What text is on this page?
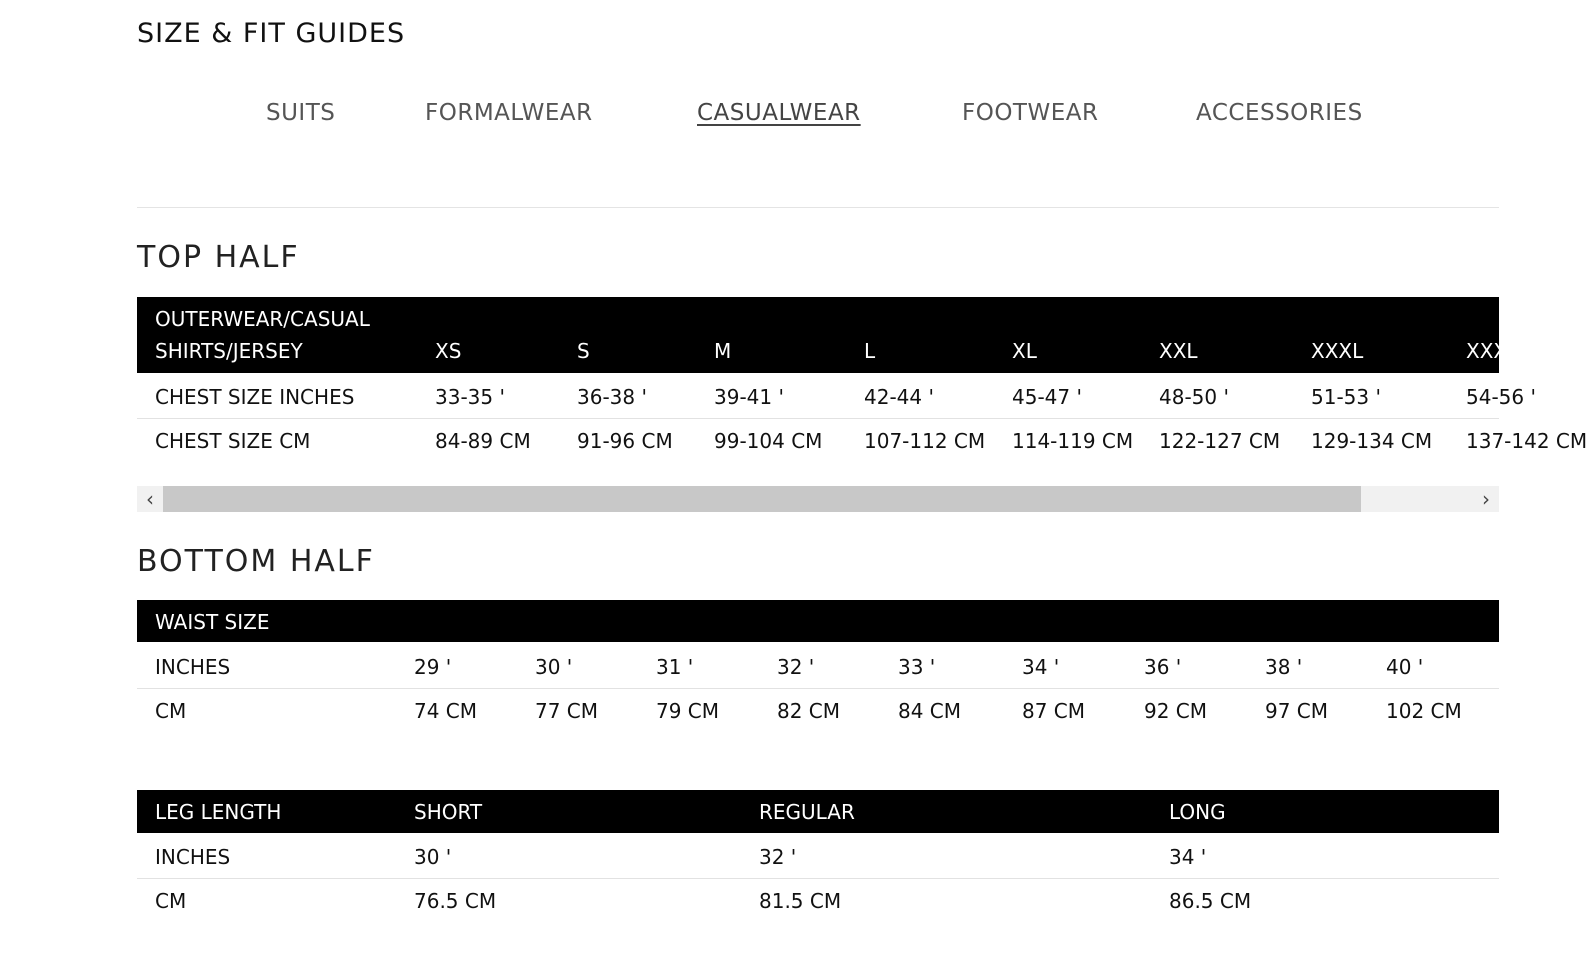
SIZE & FIT GUIDES
SUITS	FORMALWEAR	CASUALWEAR	FOOTWEAR	ACCESSORIES
TOP HALF
OUTERWEAR/CASUAL
SHIRTS/JERSEY	XS	S	M	L	XL	XXL	XXXL	XXXXL
CHEST SIZE INCHES	33-35 '	36-38 '	39-41 '	42-44 '	45-47 '	48-50 '	51-53 '	54-56 '
CHEST SIZE CM	84-89 CM 91-96 CM 99-104 CM 107-112 CM 114-119 CM 122-127 CM 129-134 CM 137-142 CM
‹	›
BOTTOM HALF
WAIST SIZE
INCHES	29 '	30 '	31 '	32 '	33 '	34 '	36 '	38 '	40 '
CM	74 CM	77 CM	79 CM	82 CM	84 CM	87 CM	92 CM	97 CM	102 CM
LEG LENGTH	SHORT	REGULAR	LONG
INCHES	30 '	32 '	34 '
CM	76.5 CM	81.5 CM	86.5 CM
